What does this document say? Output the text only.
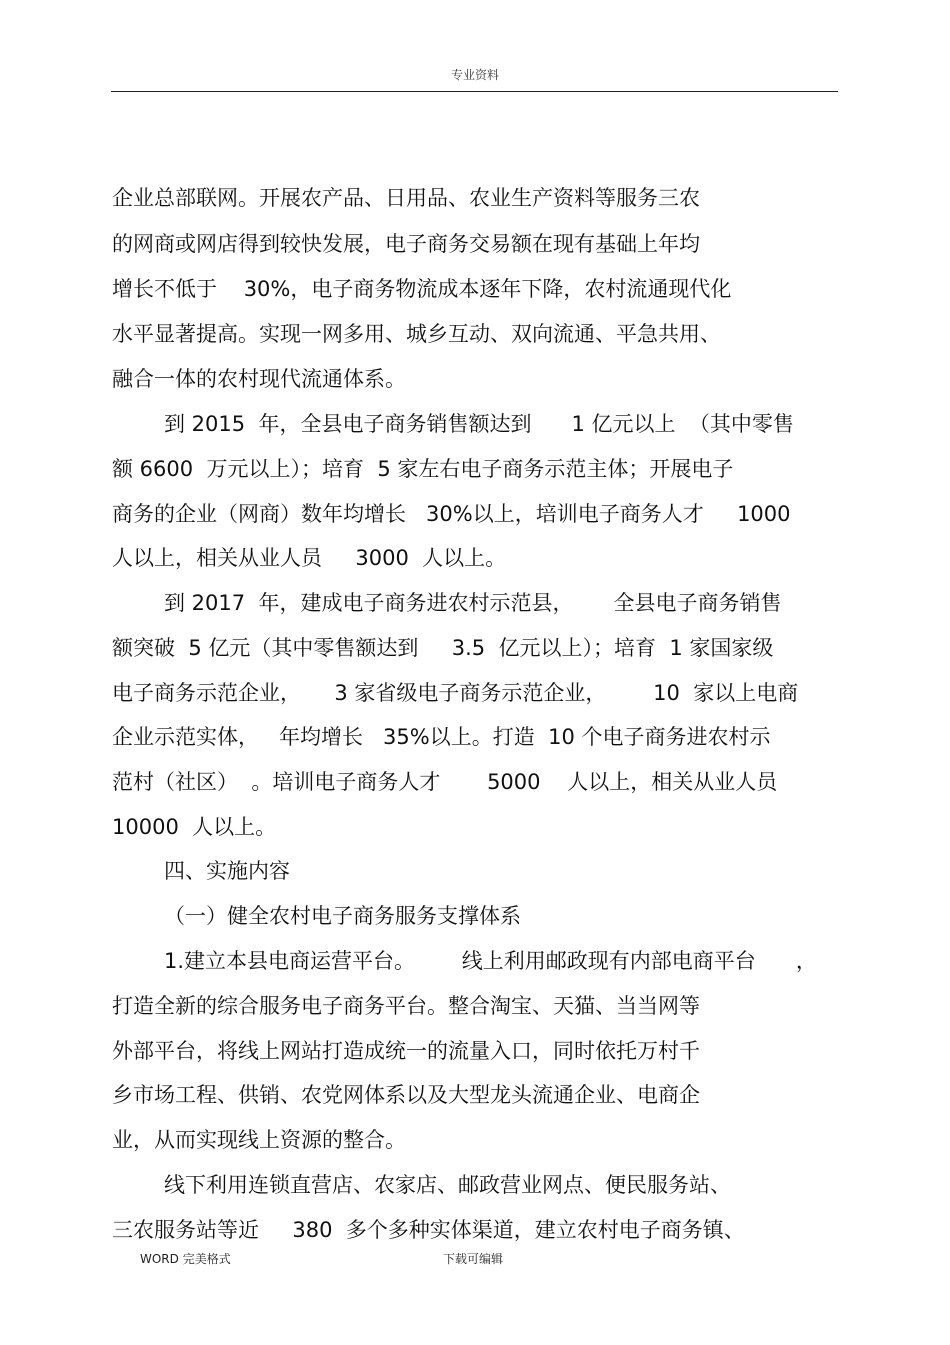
专业资料
企业总部联网。开展农产品、日用品、农业生产资料等服务三农
的网商或网店得到较快发展，电子商务交易额在现有基础上年均
增长不低于    30%，电子商务物流成本逐年下降，农村流通现代化
水平显著提高。实现一网多用、城乡互动、双向流通、平急共用、
融合一体的农村现代流通体系。
到 2015  年，全县电子商务销售额达到      1 亿元以上  （其中零售
额 6600  万元以上）；培育  5 家左右电子商务示范主体；开展电子
商务的企业（网商）数年均增长   30%以上，培训电子商务人才     1000
人以上，相关从业人员     3000  人以上。
到 2017  年，建成电子商务进农村示范县，      全县电子商务销售
额突破  5 亿元（其中零售额达到     3.5  亿元以上）；培育  1 家国家级
电子商务示范企业，     3 家省级电子商务示范企业，       10  家以上电商
企业示范实体，   年均增长   35%以上。打造  10 个电子商务进农村示
范村（社区）  。培训电子商务人才       5000    人以上，相关从业人员
10000  人以上。
四、实施内容
（一）健全农村电子商务服务支撑体系
1.建立本县电商运营平台。       线上利用邮政现有内部电商平台      ，
打造全新的综合服务电子商务平台。整合淘宝、天猫、当当网等
外部平台，将线上网站打造成统一的流量入口，同时依托万村千
乡市场工程、供销、农党网体系以及大型龙头流通企业、电商企
业，从而实现线上资源的整合。
线下利用连锁直营店、农家店、邮政营业网点、便民服务站、
三农服务站等近     380  多个多种实体渠道，建立农村电子商务镇、
WORD 完美格式	下载可编辑
